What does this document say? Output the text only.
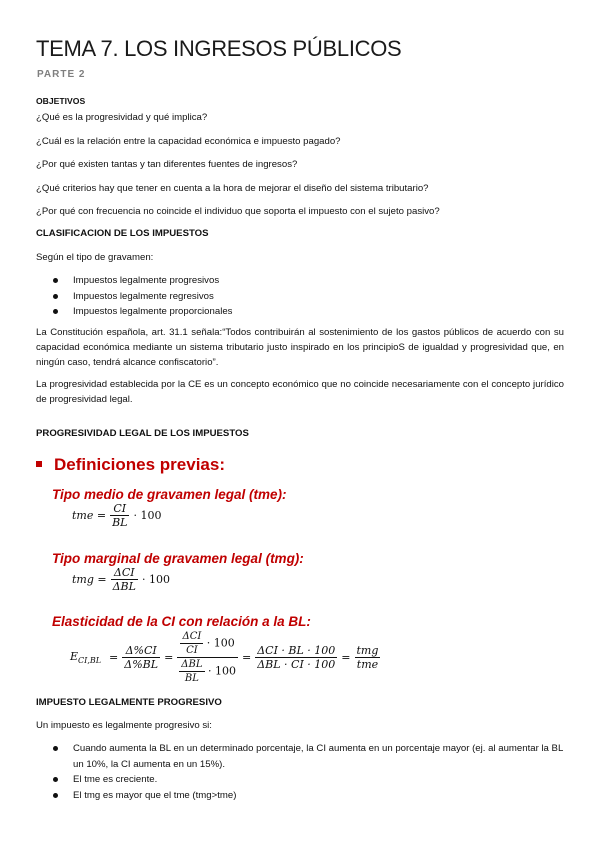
TEMA 7. LOS INGRESOS PÚBLICOS
PARTE 2
OBJETIVOS
¿Qué es la progresividad y qué implica?
¿Cuál es la relación entre la capacidad económica e impuesto pagado?
¿Por qué existen tantas y tan diferentes fuentes de ingresos?
¿Qué criterios hay que tener en cuenta a la hora de mejorar el diseño del sistema tributario?
¿Por qué con frecuencia no coincide el individuo que soporta el impuesto con el sujeto pasivo?
CLASIFICACION DE LOS IMPUESTOS
Según el tipo de gravamen:
Impuestos legalmente progresivos
Impuestos legalmente regresivos
Impuestos legalmente proporcionales
La Constitución española, art. 31.1 señala:“Todos contribuirán al sostenimiento de los gastos públicos de acuerdo con su capacidad económica mediante un sistema tributario justo inspirado en los principioS de igualdad y progresividad que, en ningún caso, tendrá alcance confiscatorio”.
La progresividad establecida por la CE es un concepto económico que no coincide necesariamente con el concepto jurídico de progresividad legal.
PROGRESIVIDAD LEGAL DE LOS IMPUESTOS
Definiciones previas:
Tipo medio de gravamen legal (tme):
tme = $\frac{CI}{BL} \cdot 100$
Tipo marginal de gravamen legal (tmg):
tmg = $\frac{\text{ΔCI}}{\text{ΔBL}} \cdot 100$
Elasticidad de la CI con relación a la BL:
$E_{CI,BL} = \frac{\Delta\%CI}{\Delta\%BL} = \frac{\frac{\text{ΔCI}}{CI} \cdot 100}{\frac{\text{ΔBL}}{BL} \cdot 100} = \frac{\text{ΔCI · BL · 100}}{\text{ΔBL · CI · 100}} = \frac{\text{tmg}}{\text{tme}}$
IMPUESTO LEGALMENTE PROGRESIVO
Un impuesto es legalmente progresivo si:
Cuando aumenta la BL en un determinado porcentaje, la CI aumenta en un porcentaje mayor (ej. al aumentar la BL un 10%, la CI aumenta en un 15%).
El tme es creciente.
El tmg es mayor que el tme (tmg>tme)
